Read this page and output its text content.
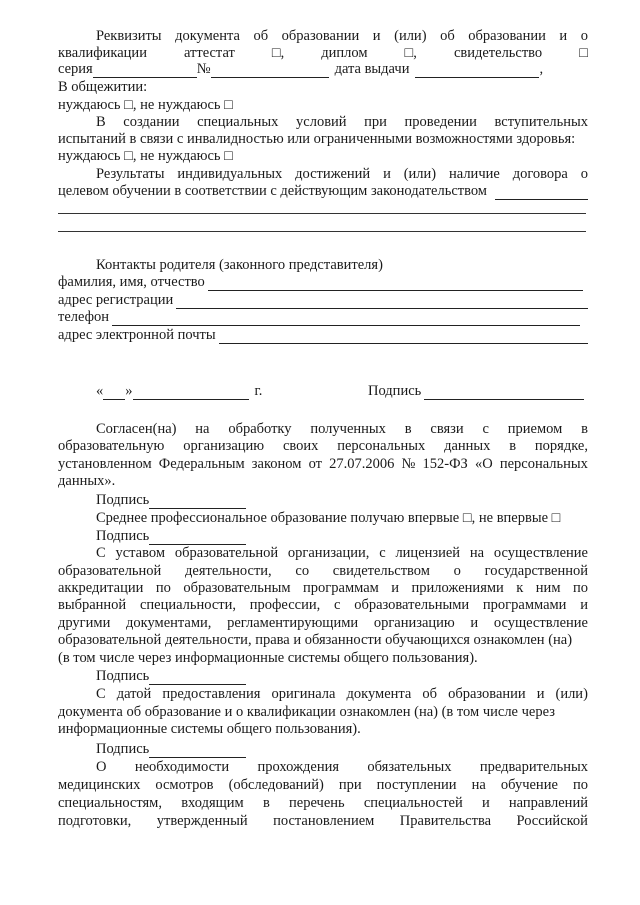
Реквизиты документа об образовании и (или) об образовании и о
квалификации	аттестат	□,	диплом	□,	свидетельство	□
серия	№	дата выдачи	,
В общежитии:
нуждаюсь □, не нуждаюсь □
В создании специальных условий при проведении вступительных
испытаний в связи с инвалидностью или ограниченными возможностями здоровья:
нуждаюсь □, не нуждаюсь □
Результаты индивидуальных достижений и (или) наличие договора о
целевом обучении в соответствии с действующим законодательством
Контакты родителя (законного представителя)
фамилия, имя, отчество
адрес регистрации
телефон
адрес электронной почты
« »	г.	Подпись
Согласен(на) на обработку полученных в связи с приемом в
образовательную организацию своих персональных данных в порядке,
установленном Федеральным законом от 27.07.2006 № 152-ФЗ «О персональных
данных».
Подпись
Среднее профессиональное образование получаю впервые □, не впервые □
Подпись
С уставом образовательной организации, с лицензией на осуществление
образовательной деятельности, со свидетельством о государственной
аккредитации по образовательным программам и приложениями к ним по
выбранной специальности, профессии, с образовательными программами и
другими документами, регламентирующими организацию и осуществление
образовательной деятельности, права и обязанности обучающихся ознакомлен (на)
(в том числе через информационные системы общего пользования).
Подпись
С датой предоставления оригинала документа об образовании и (или)
документа об образование и о квалификации ознакомлен (на) (в том числе через
информационные системы общего пользования).
Подпись
О необходимости прохождения обязательных предварительных
медицинских осмотров (обследований) при поступлении на обучение по
специальностям, входящим в перечень специальностей и направлений
подготовки, утвержденный постановлением Правительства Российской
